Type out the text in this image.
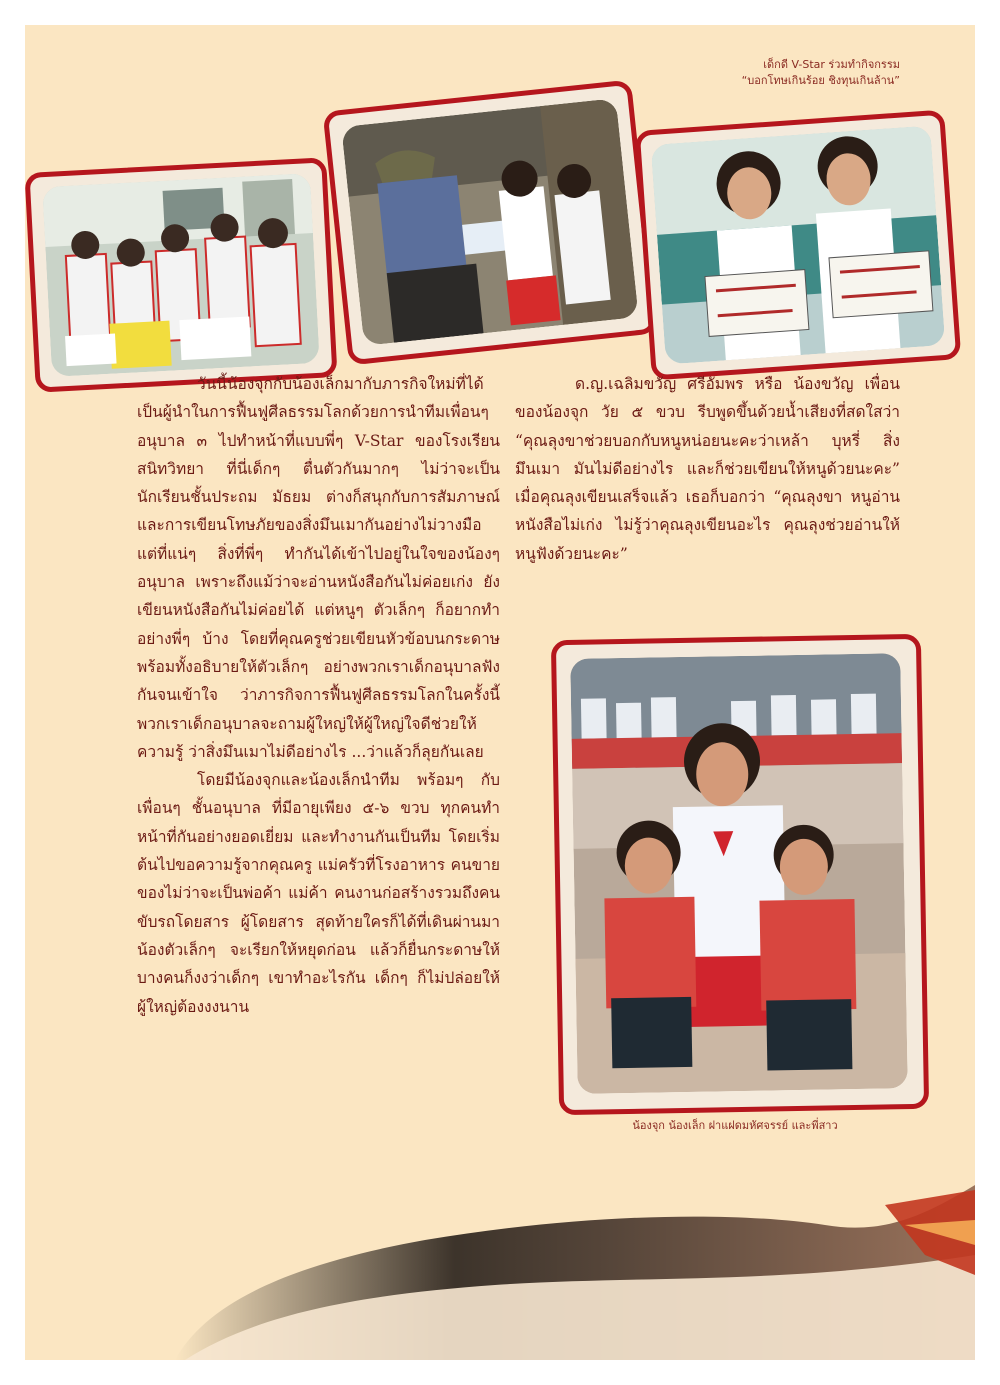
เด็กดี V-Star ร่วมทำกิจกรรม
“บอกโทษเกินร้อย ชิงทุนเกินล้าน”

วันนี้น้องจุกกับน้องเล็กมากับภารกิจใหม่ที่ได้เป็นผู้นำในการฟื้นฟูศีลธรรมโลกด้วยการนำทีมเพื่อนๆ อนุบาล ๓ ไปทำหน้าที่แบบพี่ๆ V-Star ของโรงเรียนสนิทวิทยา ที่นี่เด็กๆ ตื่นตัวกันมากๆ ไม่ว่าจะเป็นนักเรียนชั้นประถม มัธยม ต่างก็สนุกกับการสัมภาษณ์และการเขียนโทษภัยของสิ่งมึนเมากันอย่างไม่วางมือ แต่ที่แน่ๆ สิ่งที่พี่ๆ ทำกันได้เข้าไปอยู่ในใจของน้องๆ อนุบาล เพราะถึงแม้ว่าจะอ่านหนังสือกันไม่ค่อยเก่ง ยังเขียนหนังสือกันไม่ค่อยได้ แต่หนูๆ ตัวเล็กๆ ก็อยากทำอย่างพี่ๆ บ้าง โดยที่คุณครูช่วยเขียนหัวข้อบนกระดาษ พร้อมทั้งอธิบายให้ตัวเล็กๆ อย่างพวกเราเด็กอนุบาลฟังกันจนเข้าใจ ว่าภารกิจการฟื้นฟูศีลธรรมโลกในครั้งนี้ พวกเราเด็กอนุบาลจะถามผู้ใหญ่ให้ผู้ใหญ่ใจดีช่วยให้ความรู้ ว่าสิ่งมึนเมาไม่ดีอย่างไร ...ว่าแล้วก็ลุยกันเลย

โดยมีน้องจุกและน้องเล็กนำทีม พร้อมๆ กับเพื่อนๆ ชั้นอนุบาล ที่มีอายุเพียง ๕-๖ ขวบ ทุกคนทำหน้าที่กันอย่างยอดเยี่ยม และทำงานกันเป็นทีม โดยเริ่มต้นไปขอความรู้จากคุณครู แม่ครัวที่โรงอาหาร คนขายของไม่ว่าจะเป็นพ่อค้า แม่ค้า คนงานก่อสร้างรวมถึงคนขับรถโดยสาร ผู้โดยสาร สุดท้ายใครก็ได้ที่เดินผ่านมาน้องตัวเล็กๆ จะเรียกให้หยุดก่อน แล้วก็ยื่นกระดาษให้ บางคนก็งงว่าเด็กๆ เขาทำอะไรกัน เด็กๆ ก็ไม่ปล่อยให้ผู้ใหญ่ต้องงงนาน

ด.ญ.เฉลิมขวัญ ศรีอัมพร หรือ น้องขวัญ เพื่อนของน้องจุก วัย ๕ ขวบ รีบพูดขึ้นด้วยน้ำเสียงที่สดใสว่า “คุณลุงขาช่วยบอกกับหนูหน่อยนะคะว่าเหล้า บุหรี่ สิ่งมึนเมา มันไม่ดีอย่างไร และก็ช่วยเขียนให้หนูด้วยนะคะ” เมื่อคุณลุงเขียนเสร็จแล้ว เธอก็บอกว่า “คุณลุงขา หนูอ่านหนังสือไม่เก่ง ไม่รู้ว่าคุณลุงเขียนอะไร คุณลุงช่วยอ่านให้หนูฟังด้วยนะคะ”

น้องจุก น้องเล็ก ฝาแฝดมหัศจรรย์ และพี่สาว
